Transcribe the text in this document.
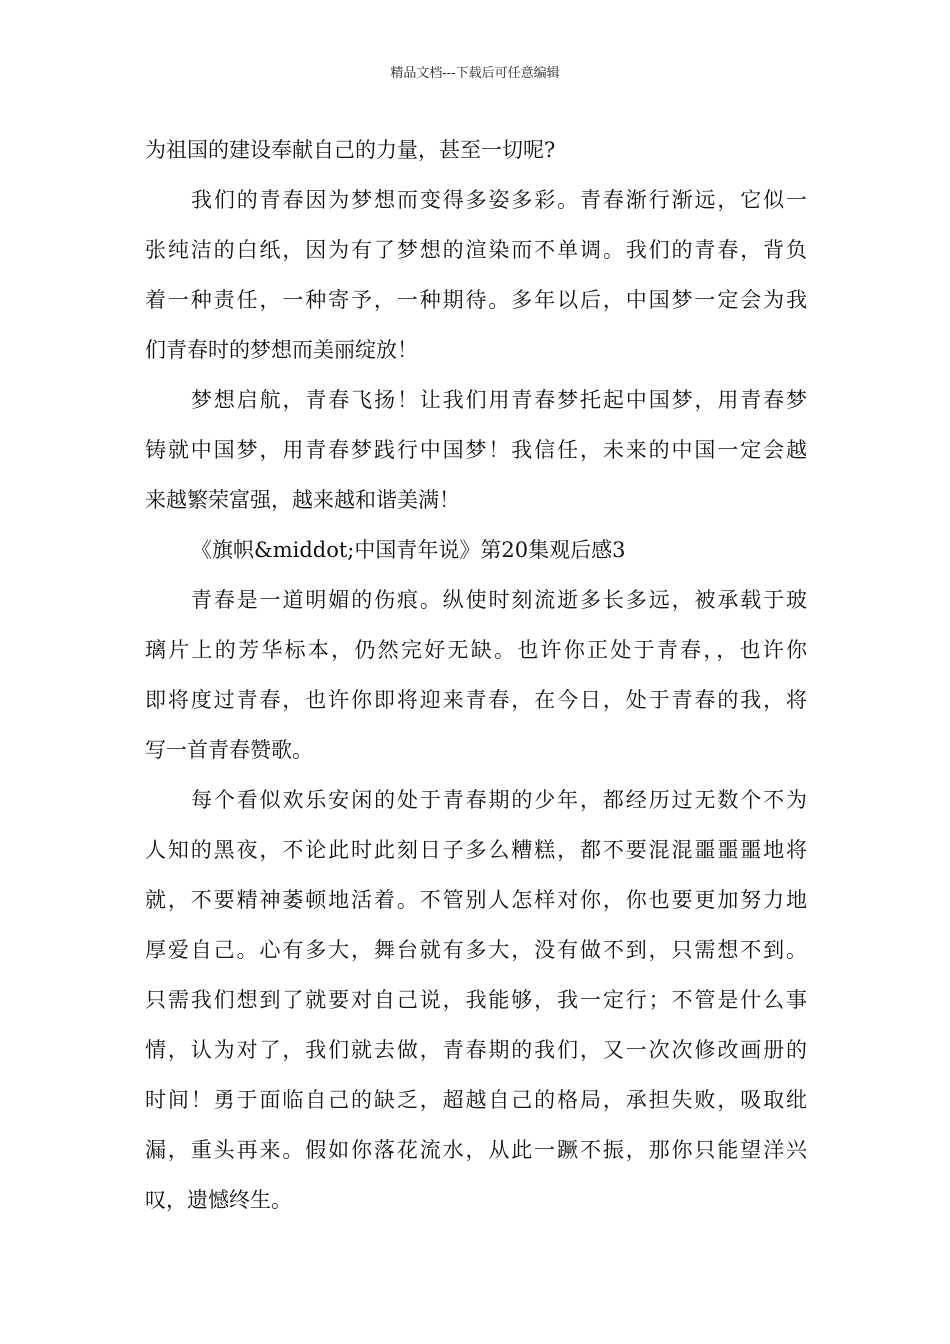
精品文档---下载后可任意编辑
为祖国的建设奉献自己的力量，甚至一切呢?
我们的青春因为梦想而变得多姿多彩。青春渐行渐远，它似一
张纯洁的白纸，因为有了梦想的渲染而不单调。我们的青春，背负
着一种责任，一种寄予，一种期待。多年以后，中国梦一定会为我
们青春时的梦想而美丽绽放！
梦想启航，青春飞扬！让我们用青春梦托起中国梦，用青春梦
铸就中国梦，用青春梦践行中国梦！我信任，未来的中国一定会越
来越繁荣富强，越来越和谐美满！
《旗帜&middot;中国青年说》第20集观后感3
青春是一道明媚的伤痕。纵使时刻流逝多长多远，被承载于玻
璃片上的芳华标本，仍然完好无缺。也许你正处于青春，，也许你
即将度过青春，也许你即将迎来青春，在今日，处于青春的我，将
写一首青春赞歌。
每个看似欢乐安闲的处于青春期的少年，都经历过无数个不为
人知的黑夜，不论此时此刻日子多么糟糕，都不要混混噩噩噩地将
就，不要精神萎顿地活着。不管别人怎样对你，你也要更加努力地
厚爱自己。心有多大，舞台就有多大，没有做不到，只需想不到。
只需我们想到了就要对自己说，我能够，我一定行；不管是什么事
情，认为对了，我们就去做，青春期的我们，又一次次修改画册的
时间！勇于面临自己的缺乏，超越自己的格局，承担失败，吸取纰
漏，重头再来。假如你落花流水，从此一蹶不振，那你只能望洋兴
叹，遗憾终生。
